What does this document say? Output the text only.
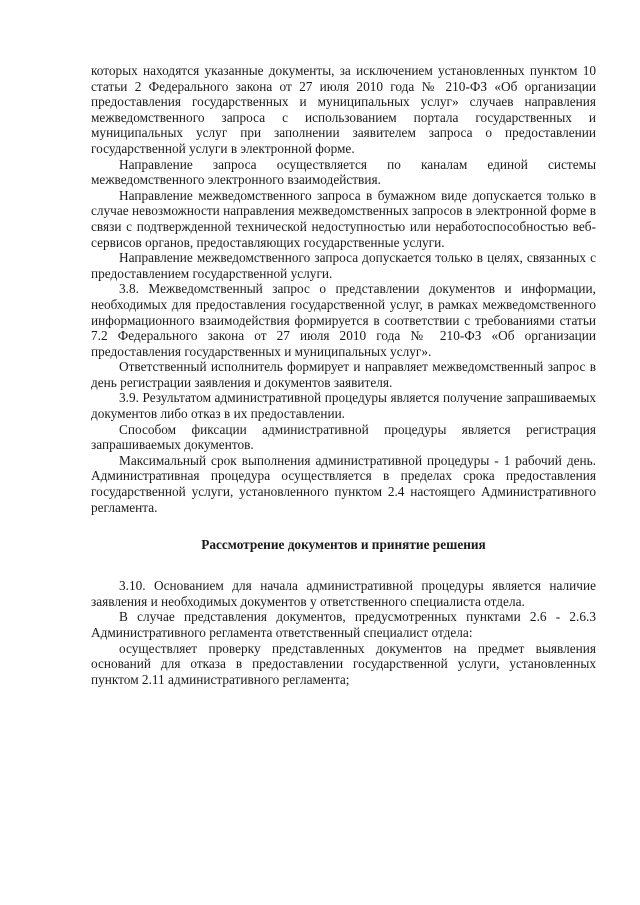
которых находятся указанные документы, за исключением установленных пунктом 10 статьи 2 Федерального закона от 27 июля 2010 года № 210-ФЗ «Об организации предоставления государственных и муниципальных услуг» случаев направления межведомственного запроса с использованием портала государственных и муниципальных услуг при заполнении заявителем запроса о предоставлении государственной услуги в электронной форме.

Направление запроса осуществляется по каналам единой системы межведомственного электронного взаимодействия.

Направление межведомственного запроса в бумажном виде допускается только в случае невозможности направления межведомственных запросов в электронной форме в связи с подтвержденной технической недоступностью или неработоспособностью веб-сервисов органов, предоставляющих государственные услуги.

Направление межведомственного запроса допускается только в целях, связанных с предоставлением государственной услуги.

3.8. Межведомственный запрос о представлении документов и информации, необходимых для предоставления государственной услуг, в рамках межведомственного информационного взаимодействия формируется в соответствии с требованиями статьи 7.2 Федерального закона от 27 июля 2010 года № 210-ФЗ «Об организации предоставления государственных и муниципальных услуг».

Ответственный исполнитель формирует и направляет межведомственный запрос в день регистрации заявления и документов заявителя.

3.9. Результатом административной процедуры является получение запрашиваемых документов либо отказ в их предоставлении.

Способом фиксации административной процедуры является регистрация запрашиваемых документов.

Максимальный срок выполнения административной процедуры - 1 рабочий день. Административная процедура осуществляется в пределах срока предоставления государственной услуги, установленного пунктом 2.4 настоящего Административного регламента.

Рассмотрение документов и принятие решения

3.10. Основанием для начала административной процедуры является наличие заявления и необходимых документов у ответственного специалиста отдела.

В случае представления документов, предусмотренных пунктами 2.6 - 2.6.3 Административного регламента ответственный специалист отдела:

осуществляет проверку представленных документов на предмет выявления оснований для отказа в предоставлении государственной услуги, установленных пунктом 2.11 административного регламента;
